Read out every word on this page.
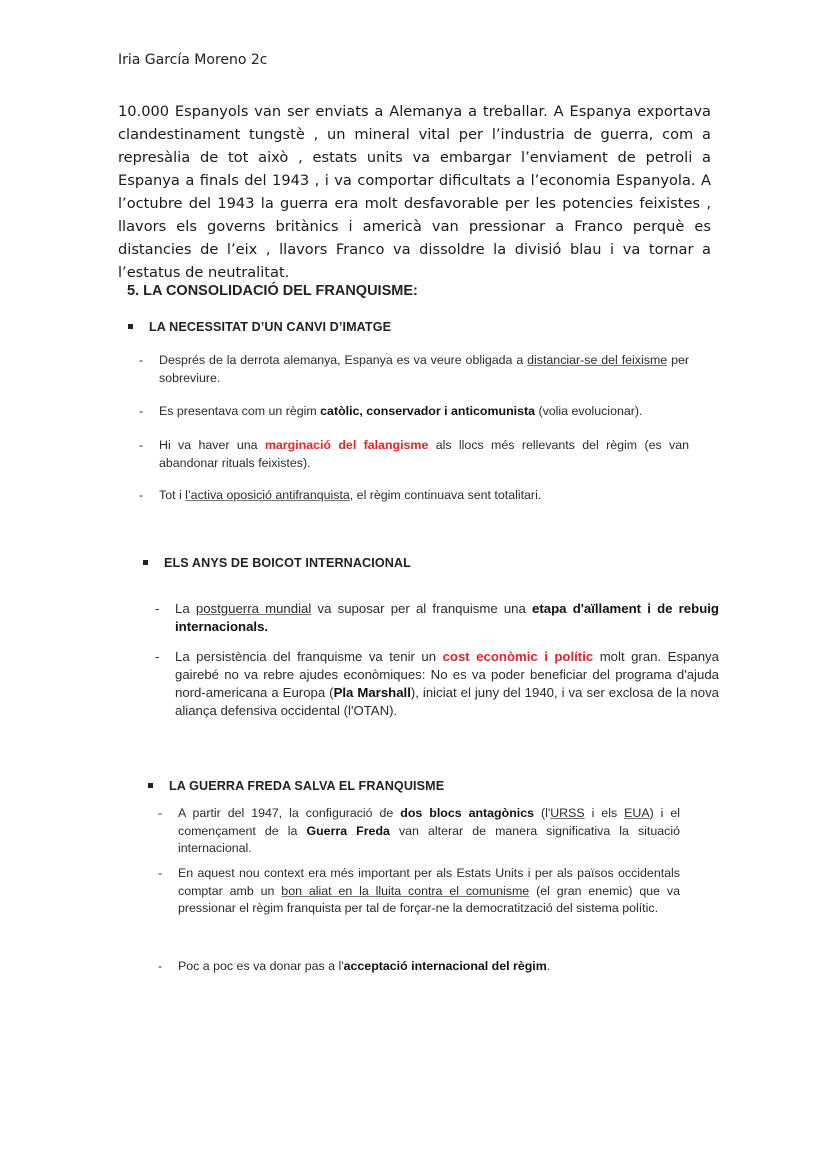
Iria García Moreno 2c

10.000 Espanyols van ser enviats a Alemanya a treballar. A Espanya exportava clandestinament tungstè , un mineral vital per l’industria de guerra, com a represàlia de tot això , estats units va embargar l’enviament de petroli a Espanya a finals del 1943 , i va comportar dificultats a l’economia Espanyola. A l’octubre del 1943 la guerra era molt desfavorable per les potencies feixistes , llavors els governs britànics i americà van pressionar a Franco perquè es distancies de l’eix , llavors Franco va dissoldre la divisió blau i va tornar a l’estatus de neutralitat.

5. LA CONSOLIDACIÓ DEL FRANQUISME:
LA NECESSITAT D’UN CANVI D’IMATGE
- Després de la derrota alemanya, Espanya es va veure obligada a distanciar-se del feixisme per sobreviure.

- Es presentava com un règim catòlic, conservador i anticomunista (volia evolucionar).

- Hi va haver una marginació del falangisme als llocs més rellevants del règim (es van abandonar rituals feixistes).

- Tot i l’activa oposició antifranquista, el règim continuava sent totalitari.

ELS ANYS DE BOICOT INTERNACIONAL
- La postguerra mundial va suposar per al franquisme una etapa d'aïllament i de rebuig internacionals.

- La persistència del franquisme va tenir un cost econòmic i polític molt gran. Espanya gairebé no va rebre ajudes econòmiques: No es va poder beneficiar del programa d'ajuda nord-americana a Europa (Pla Marshall), iniciat el juny del 1940, i va ser exclosa de la nova aliança defensiva occidental (l'OTAN).

LA GUERRA FREDA SALVA EL FRANQUISME
- A partir del 1947, la configuració de dos blocs antagònics (l'URSS i els EUA) i el començament de la Guerra Freda van alterar de manera significativa la situació internacional.

- En aquest nou context era més important per als Estats Units i per als països occidentals comptar amb un bon aliat en la lluita contra el comunisme (el gran enemic) que va pressionar el règim franquista per tal de forçar-ne la democratització del sistema polític.

- Poc a poc es va donar pas a l'acceptació internacional del règim.
